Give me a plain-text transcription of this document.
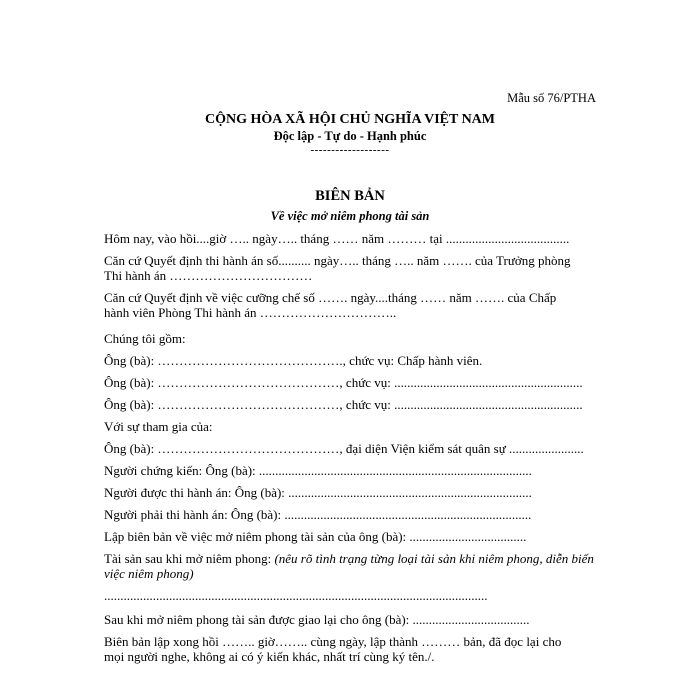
Mẫu số 76/PTHA
CỘNG HÒA XÃ HỘI CHỦ NGHĨA VIỆT NAM
Độc lập - Tự do - Hạnh phúc
-------------------
BIÊN BẢN
Về việc mở niêm phong tài sản

Hôm nay, vào hồi....giờ ….. ngày….. tháng …… năm ……… tại ......................................

Căn cứ Quyết định thi hành án số.......... ngày….. tháng ….. năm ……. của Trưởng phòng

Thi hành án ……………………………

Căn cứ Quyết định về việc cưỡng chế số ……. ngày....tháng …… năm ……. của Chấp

hành viên Phòng Thi hành án …………………………..

Chúng tôi gồm:

Ông (bà): ……………………………………., chức vụ: Chấp hành viên.

Ông (bà): ……………………………………, chức vụ: ..........................................................

Ông (bà): ……………………………………, chức vụ: ..........................................................

Với sự tham gia của:

Ông (bà): ……………………………………, đại diện Viện kiểm sát quân sự .......................

Người chứng kiến: Ông (bà): ....................................................................................

Người được thi hành án: Ông (bà): ...........................................................................

Người phải thi hành án: Ông (bà): ............................................................................

Lập biên bản về việc mở niêm phong tài sản của ông (bà): ....................................

Tài sản sau khi mở niêm phong: (nêu rõ tình trạng từng loại tài sản khi niêm phong, diễn biến việc niêm phong)

......................................................................................................................

Sau khi mở niêm phong tài sản được giao lại cho ông (bà): ....................................

Biên bản lập xong hồi …….. giờ…….. cùng ngày, lập thành ……… bản, đã đọc lại cho

mọi người nghe, không ai có ý kiến khác, nhất trí cùng ký tên./.
